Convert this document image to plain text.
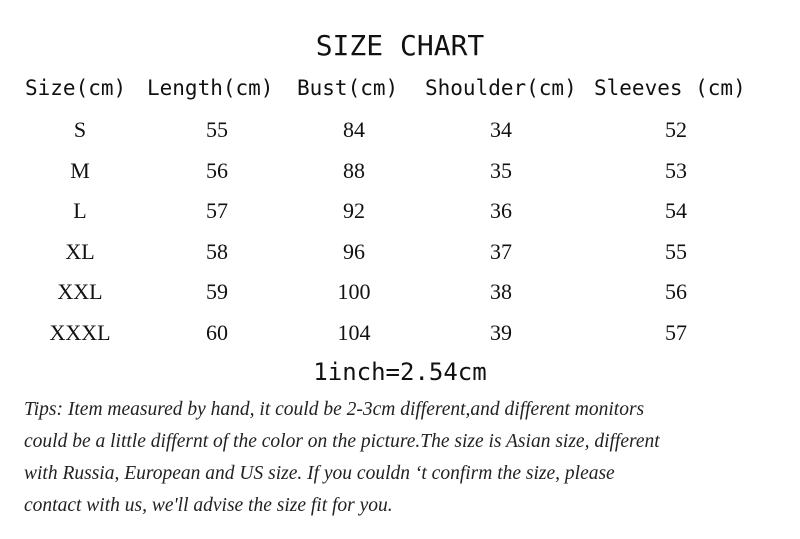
SIZE CHART
Size(cm) Length(cm) Bust(cm) Shoulder(cm) Sleeves (cm)
S	55	84	34	52
M	56	88	35	53
L	57	92	36	54
XL	58	96	37	55
XXL	59	100	38	56
XXXL	60	104	39	57
1inch=2.54cm
Tips: Item measured by hand, it could be 2-3cm different,and different monitors
could be a little differnt of the color on the picture.The size is Asian size, different
with Russia, European and US size. If you couldn ‘t confirm the size, please
contact with us, we'll advise the size fit for you.
